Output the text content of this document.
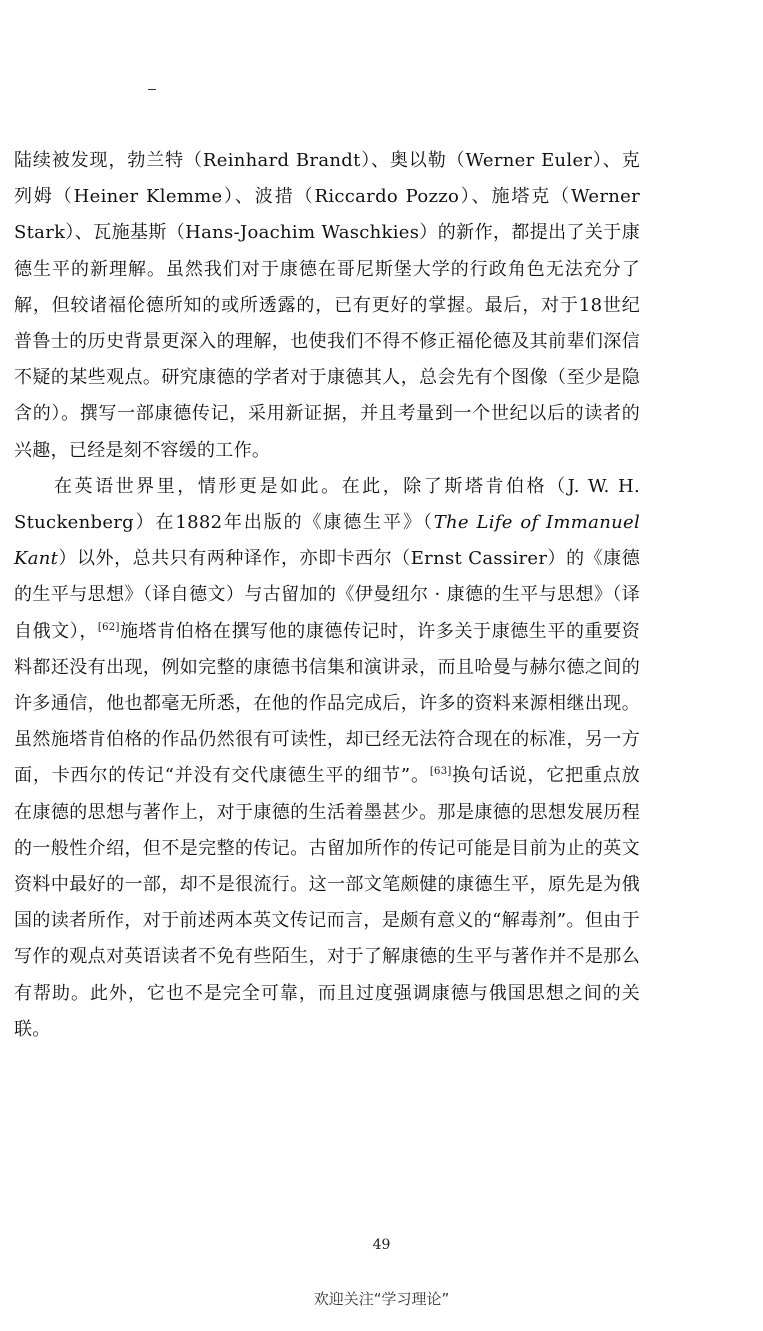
陆续被发现，勃兰特（Reinhard Brandt）、奥以勒（Werner Euler）、克列姆（Heiner Klemme）、波措（Riccardo Pozzo）、施塔克（Werner Stark）、瓦施基斯（Hans-Joachim Waschkies）的新作，都提出了关于康德生平的新理解。虽然我们对于康德在哥尼斯堡大学的行政角色无法充分了解，但较诸福伦德所知的或所透露的，已有更好的掌握。最后，对于18世纪普鲁士的历史背景更深入的理解，也使我们不得不修正福伦德及其前辈们深信不疑的某些观点。研究康德的学者对于康德其人，总会先有个图像（至少是隐含的）。撰写一部康德传记，采用新证据，并且考量到一个世纪以后的读者的兴趣，已经是刻不容缓的工作。

在英语世界里，情形更是如此。在此，除了斯塔肯伯格（J. W. H. Stuckenberg）在1882年出版的《康德生平》（The Life of Immanuel Kant）以外，总共只有两种译作，亦即卡西尔（Ernst Cassirer）的《康德的生平与思想》（译自德文）与古留加的《伊曼纽尔 · 康德的生平与思想》（译自俄文），[62]施塔肯伯格在撰写他的康德传记时，许多关于康德生平的重要资料都还没有出现，例如完整的康德书信集和演讲录，而且哈曼与赫尔德之间的许多通信，他也都毫无所悉，在他的作品完成后，许多的资料来源相继出现。虽然施塔肯伯格的作品仍然很有可读性，却已经无法符合现在的标准，另一方面，卡西尔的传记“并没有交代康德生平的细节”。[63]换句话说，它把重点放在康德的思想与著作上，对于康德的生活着墨甚少。那是康德的思想发展历程的一般性介绍，但不是完整的传记。古留加所作的传记可能是目前为止的英文资料中最好的一部，却不是很流行。这一部文笔颇健的康德生平，原先是为俄国的读者所作，对于前述两本英文传记而言，是颇有意义的“解毒剂”。但由于写作的观点对英语读者不免有些陌生，对于了解康德的生平与著作并不是那么有帮助。此外，它也不是完全可靠，而且过度强调康德与俄国思想之间的关联。

49
欢迎关注“学习理论”
